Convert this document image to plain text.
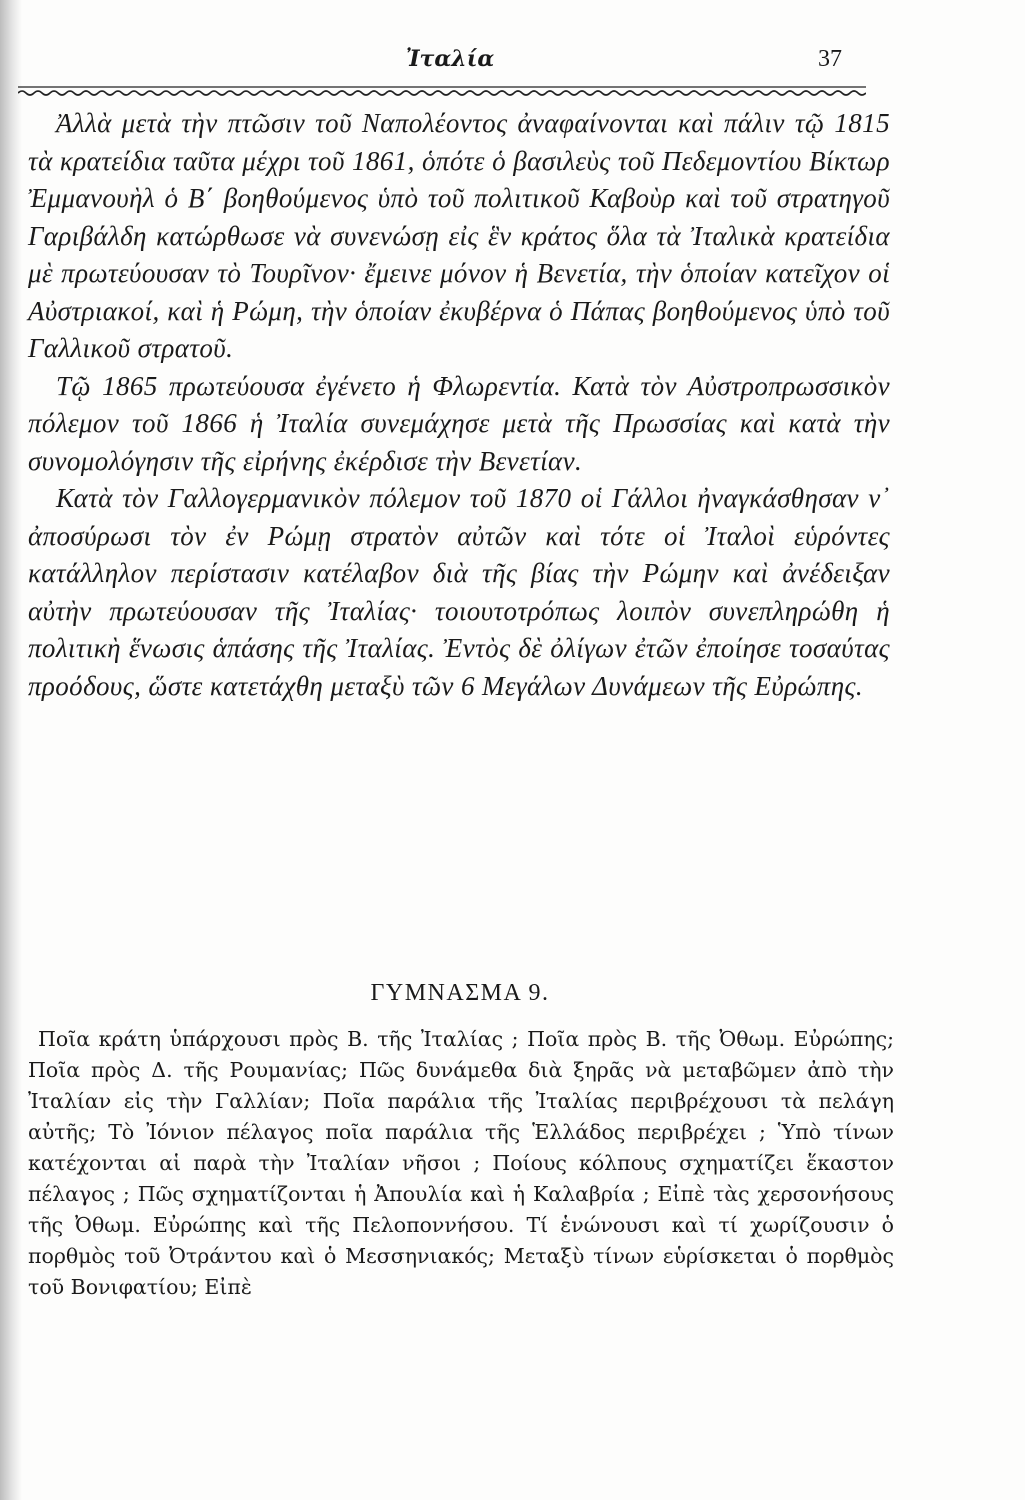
Ἰταλία	37

Ἀλλὰ μετὰ τὴν πτῶσιν τοῦ Ναπολέοντος ἀναφαίνονται καὶ πάλιν τῷ 1815 τὰ κρατείδια ταῦτα μέχρι τοῦ 1861, ὁπότε ὁ βασιλεὺς τοῦ Πεδεμοντίου Βίκτωρ Ἐμμανουὴλ ὁ Β΄ βοηθούμενος ὑπὸ τοῦ πολιτικοῦ Καβοὺρ καὶ τοῦ στρατηγοῦ Γαριβάλδη κατώρθωσε νὰ συνενώσῃ εἰς ἓν κράτος ὅλα τὰ Ἰταλικὰ κρατείδια μὲ πρωτεύουσαν τὸ Τουρῖνον· ἔμεινε μόνον ἡ Βενετία, τὴν ὁποίαν κατεῖχον οἱ Αὐστριακοί, καὶ ἡ Ρώμη, τὴν ὁποίαν ἐκυβέρνα ὁ Πάπας βοηθούμενος ὑπὸ τοῦ Γαλλικοῦ στρατοῦ.

Τῷ 1865 πρωτεύουσα ἐγένετο ἡ Φλωρεντία. Κατὰ τὸν Αὐστροπρωσσικὸν πόλεμον τοῦ 1866 ἡ Ἰταλία συνεμάχησε μετὰ τῆς Πρωσσίας καὶ κατὰ τὴν συνομολόγησιν τῆς εἰρήνης ἐκέρδισε τὴν Βενετίαν.

Κατὰ τὸν Γαλλογερμανικὸν πόλεμον τοῦ 1870 οἱ Γάλλοι ἠναγκάσθησαν ν᾿ ἀποσύρωσι τὸν ἐν Ρώμῃ στρατὸν αὐτῶν καὶ τότε οἱ Ἰταλοὶ εὑρόντες κατάλληλον περίστασιν κατέλαβον διὰ τῆς βίας τὴν Ρώμην καὶ ἀνέδειξαν αὐτὴν πρωτεύουσαν τῆς Ἰταλίας· τοιουτοτρόπως λοιπὸν συνεπληρώθη ἡ πολιτικὴ ἕνωσις ἁπάσης τῆς Ἰταλίας. Ἐντὸς δὲ ὀλίγων ἐτῶν ἐποίησε τοσαύτας προόδους, ὥστε κατετάχθη μεταξὺ τῶν 6 Μεγάλων Δυνάμεων τῆς Εὐρώπης.

ΓΥΜΝΑΣΜΑ 9.

Ποῖα κράτη ὑπάρχουσι πρὸς Β. τῆς Ἰταλίας ; Ποῖα πρὸς Β. τῆς Ὀθωμ. Εὐρώπης; Ποῖα πρὸς Δ. τῆς Ρουμανίας; Πῶς δυνάμεθα διὰ ξηρᾶς νὰ μεταβῶμεν ἀπὸ τὴν Ἰταλίαν εἰς τὴν Γαλλίαν; Ποῖα παράλια τῆς Ἰταλίας περιβρέχουσι τὰ πελάγη αὐτῆς; Τὸ Ἰόνιον πέλαγος ποῖα παράλια τῆς Ἑλλάδος περιβρέχει ; Ὑπὸ τίνων κατέχονται αἱ παρὰ τὴν Ἰταλίαν νῆσοι ; Ποίους κόλπους σχηματίζει ἕκαστον πέλαγος ; Πῶς σχηματίζονται ἡ Ἀπουλία καὶ ἡ Καλαβρία ; Εἰπὲ τὰς χερσονήσους τῆς Ὀθωμ. Εὐρώπης καὶ τῆς Πελοποννήσου. Τί ἑνώνουσι καὶ τί χωρίζουσιν ὁ πορθμὸς τοῦ Ὀτράντου καὶ ὁ Μεσσηνιακός; Μεταξὺ τίνων εὑρίσκεται ὁ πορθμὸς τοῦ Βονιφατίου; Εἰπὲ
